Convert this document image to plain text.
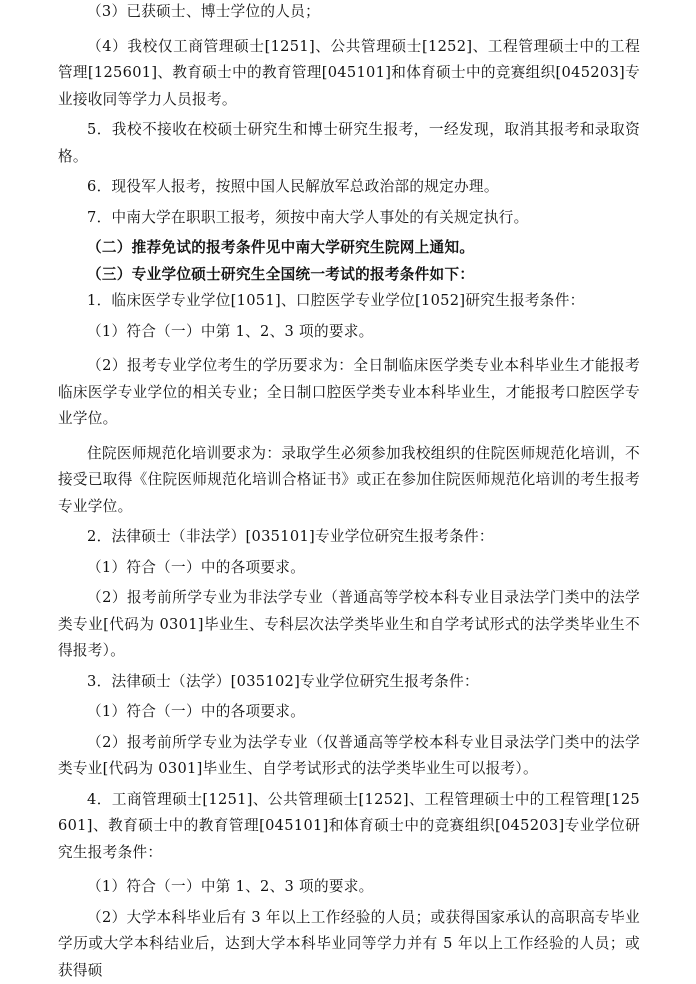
（3）已获硕士、博士学位的人员；

（4）我校仅工商管理硕士[1251]、公共管理硕士[1252]、工程管理硕士中的工程管理[125601]、教育硕士中的教育管理[045101]和体育硕士中的竞赛组织[045203]专业接收同等学力人员报考。

5．我校不接收在校硕士研究生和博士研究生报考，一经发现，取消其报考和录取资格。

6．现役军人报考，按照中国人民解放军总政治部的规定办理。

7．中南大学在职职工报考，须按中南大学人事处的有关规定执行。

（二）推荐免试的报考条件见中南大学研究生院网上通知。

（三）专业学位硕士研究生全国统一考试的报考条件如下：

1．临床医学专业学位[1051]、口腔医学专业学位[1052]研究生报考条件：

（1）符合（一）中第 1、2、3 项的要求。

（2）报考专业学位考生的学历要求为：全日制临床医学类专业本科毕业生才能报考临床医学专业学位的相关专业；全日制口腔医学类专业本科毕业生，才能报考口腔医学专业学位。

住院医师规范化培训要求为：录取学生必须参加我校组织的住院医师规范化培训，不接受已取得《住院医师规范化培训合格证书》或正在参加住院医师规范化培训的考生报考专业学位。

2．法律硕士（非法学）[035101]专业学位研究生报考条件：

（1）符合（一）中的各项要求。

（2）报考前所学专业为非法学专业（普通高等学校本科专业目录法学门类中的法学类专业[代码为 0301]毕业生、专科层次法学类毕业生和自学考试形式的法学类毕业生不得报考）。

3．法律硕士（法学）[035102]专业学位研究生报考条件：

（1）符合（一）中的各项要求。

（2）报考前所学专业为法学专业（仅普通高等学校本科专业目录法学门类中的法学类专业[代码为 0301]毕业生、自学考试形式的法学类毕业生可以报考）。

4．工商管理硕士[1251]、公共管理硕士[1252]、工程管理硕士中的工程管理[125601]、教育硕士中的教育管理[045101]和体育硕士中的竞赛组织[045203]专业学位研究生报考条件：

（1）符合（一）中第 1、2、3 项的要求。

（2）大学本科毕业后有 3 年以上工作经验的人员；或获得国家承认的高职高专毕业学历或大学本科结业后，达到大学本科毕业同等学力并有 5 年以上工作经验的人员；或获得硕
